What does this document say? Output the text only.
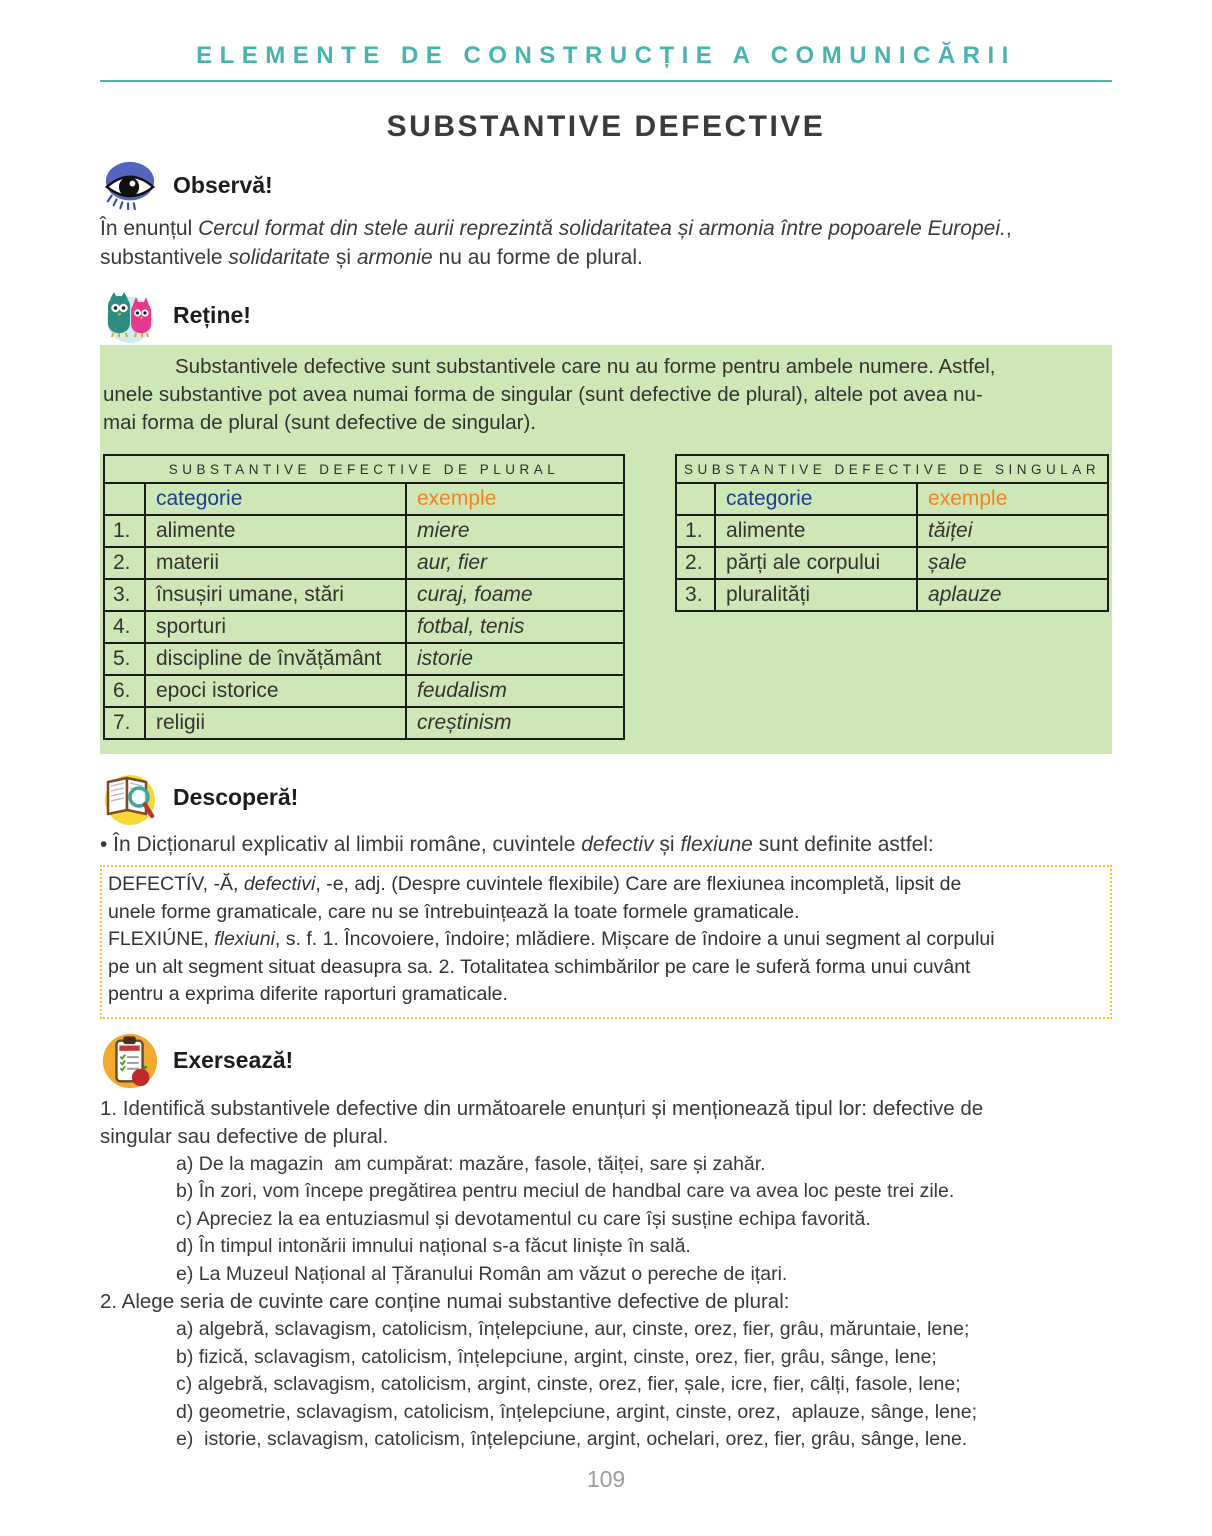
ELEMENTE DE CONSTRUCȚIE A COMUNICĂRII
SUBSTANTIVE DEFECTIVE
Observă!
În enunțul Cercul format din stele aurii reprezintă solidaritatea și armonia între popoarele Europei.,
substantivele solidaritate și armonie nu au forme de plural.
Reține!
Substantivele defective sunt substantivele care nu au forme pentru ambele numere. Astfel,
unele substantive pot avea numai forma de singular (sunt defective de plural), altele pot avea nu-
mai forma de plural (sunt defective de singular).
SUBSTANTIVE DEFECTIVE DE PLURAL		
	categorie	exemple
1.	alimente	miere
2.	materii	aur, fier
3.	însușiri umane, stări	curaj, foame
4.	sporturi	fotbal, tenis
5.	discipline de învățământ	istorie
6.	epoci istorice	feudalism
7.	religii	creștinism
SUBSTANTIVE DEFECTIVE DE SINGULAR		
	categorie	exemple
1.	alimente	tăiței
2.	părți ale corpului	șale
3.	pluralități	aplauze
Descoperă!
• În Dicționarul explicativ al limbii române, cuvintele defectiv și flexiune sunt definite astfel:
DEFECTÍV, -Ă, defectivi, -e, adj. (Despre cuvintele flexibile) Care are flexiunea incompletă, lipsit de
unele forme gramaticale, care nu se întrebuințează la toate formele gramaticale.
FLEXIÚNE, flexiuni, s. f. 1. Încovoiere, îndoire; mlădiere. Mișcare de îndoire a unui segment al corpului
pe un alt segment situat deasupra sa. 2. Totalitatea schimbărilor pe care le suferă forma unui cuvânt
pentru a exprima diferite raporturi gramaticale.
Exersează!
1. Identifică substantivele defective din următoarele enunțuri și menționează tipul lor: defective de
singular sau defective de plural.
a) De la magazin  am cumpărat: mazăre, fasole, tăiței, sare și zahăr.
b) În zori, vom începe pregătirea pentru meciul de handbal care va avea loc peste trei zile.
c) Apreciez la ea entuziasmul și devotamentul cu care își susține echipa favorită.
d) În timpul intonării imnului național s-a făcut liniște în sală.
e) La Muzeul Național al Țăranului Român am văzut o pereche de ițari.
2. Alege seria de cuvinte care conține numai substantive defective de plural:
a) algebră, sclavagism, catolicism, înțelepciune, aur, cinste, orez, fier, grâu, măruntaie, lene;
b) fizică, sclavagism, catolicism, înțelepciune, argint, cinste, orez, fier, grâu, sânge, lene;
c) algebră, sclavagism, catolicism, argint, cinste, orez, fier, șale, icre, fier, câlți, fasole, lene;
d) geometrie, sclavagism, catolicism, înțelepciune, argint, cinste, orez,  aplauze, sânge, lene;
e)  istorie, sclavagism, catolicism, înțelepciune, argint, ochelari, orez, fier, grâu, sânge, lene.
109
